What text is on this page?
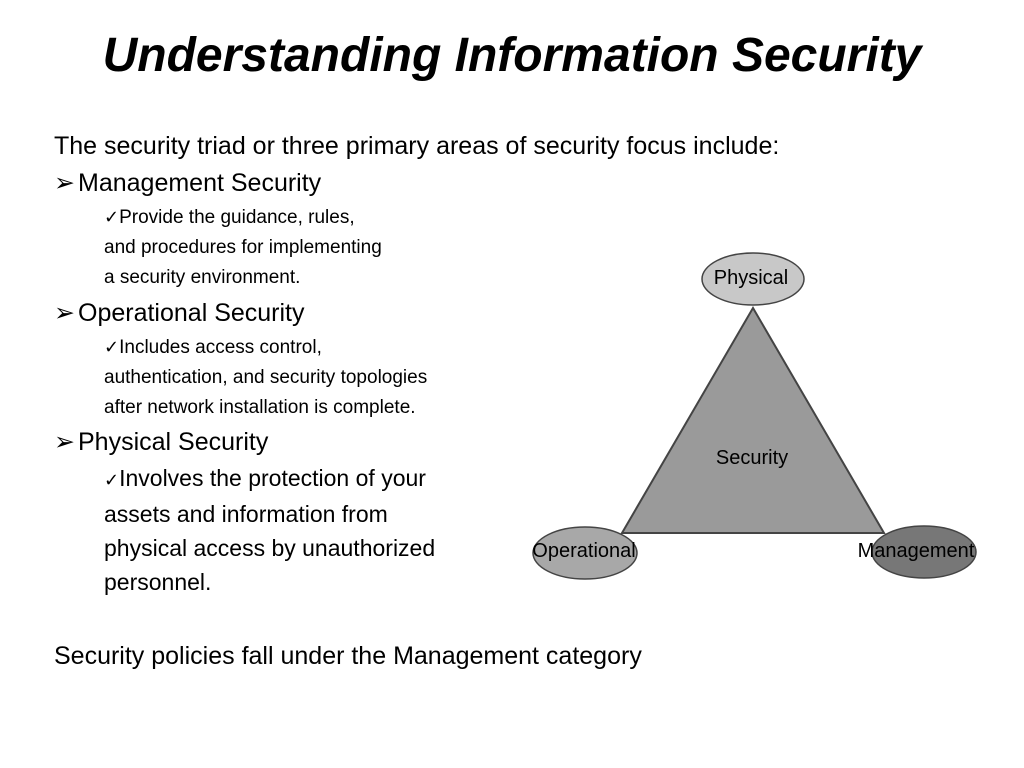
Understanding Information Security
The security triad or three primary areas of security focus include:
➢ Management Security
✓Provide the guidance, rules,
and procedures for implementing
a security environment.
➢ Operational Security
✓Includes access control,
authentication, and security topologies
after network installation is complete.
➢ Physical Security
✓Involves the protection of your
assets and information from
physical access by unauthorized
personnel.
Security policies fall under the Management category
Physical
Operational	Management
Security
